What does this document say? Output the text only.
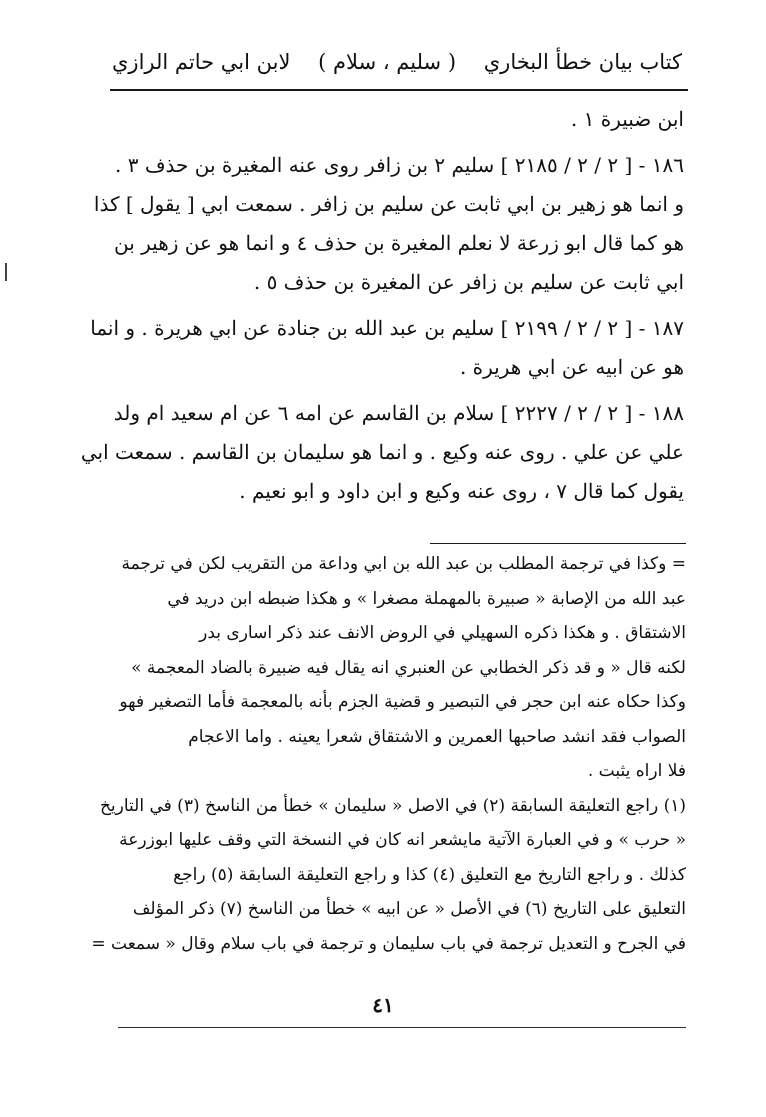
كتاب بيان خطأ البخاري
( سليم ، سلام )
لابن ابي حاتم الرازي
ابن ضبيرة ١ .
١٨٦ - [ ٢ / ٢ / ٢١٨٥ ] سليم ٢ بن زافر روى عنه المغيرة بن حذف ٣ .
و انما هو زهير بن ابي ثابت عن سليم بن زافر . سمعت ابي [ يقول ] كذا
هو كما قال ابو زرعة لا نعلم المغيرة بن حذف ٤ و انما هو عن زهير بن
ابي ثابت عن سليم بن زافر عن المغيرة بن حذف ٥ .
١٨٧ - [ ٢ / ٢ / ٢١٩٩ ] سليم بن عبد الله بن جنادة عن ابي هريرة . و انما
هو عن ابيه عن ابي هريرة .
١٨٨ - [ ٢ / ٢ / ٢٢٢٧ ] سلام بن القاسم عن امه ٦ عن ام سعيد ام ولد
علي عن علي . روى عنه وكيع . و انما هو سليمان بن القاسم . سمعت ابي
يقول كما قال ٧ ، روى عنه وكيع و ابن داود و ابو نعيم .
= وكذا في ترجمة المطلب بن عبد الله بن ابي وداعة من التقريب لكن في ترجمة
عبد الله من الإصابة « صبيرة بالمهملة مصغرا » و هكذا ضبطه ابن دريد في
الاشتقاق . و هكذا ذكره السهيلي في الروض الانف عند ذكر اسارى بدر
لكنه قال « و قد ذكر الخطابي عن العنبري انه يقال فيه ضبيرة بالضاد المعجمة »
وكذا حكاه عنه ابن حجر في التبصير و قضية الجزم بأنه بالمعجمة فأما التصغير فهو
الصواب فقد انشد صاحبها العمرين و الاشتقاق شعرا يعينه . واما الاعجام
فلا اراه يثبت .
(١) راجع التعليقة السابقة (٢) في الاصل « سليمان » خطأ من الناسخ (٣) في التاريخ
« حرب » و في العبارة الآتية مايشعر انه كان في النسخة التي وقف عليها ابوزرعة
كذلك . و راجع التاريخ مع التعليق (٤) كذا و راجع التعليقة السابقة (٥) راجع
التعليق على التاريخ (٦) في الأصل « عن ابيه » خطأ من الناسخ (٧) ذكر المؤلف
في الجرح و التعديل ترجمة في باب سليمان و ترجمة في باب سلام وقال « سمعت =
٤١
